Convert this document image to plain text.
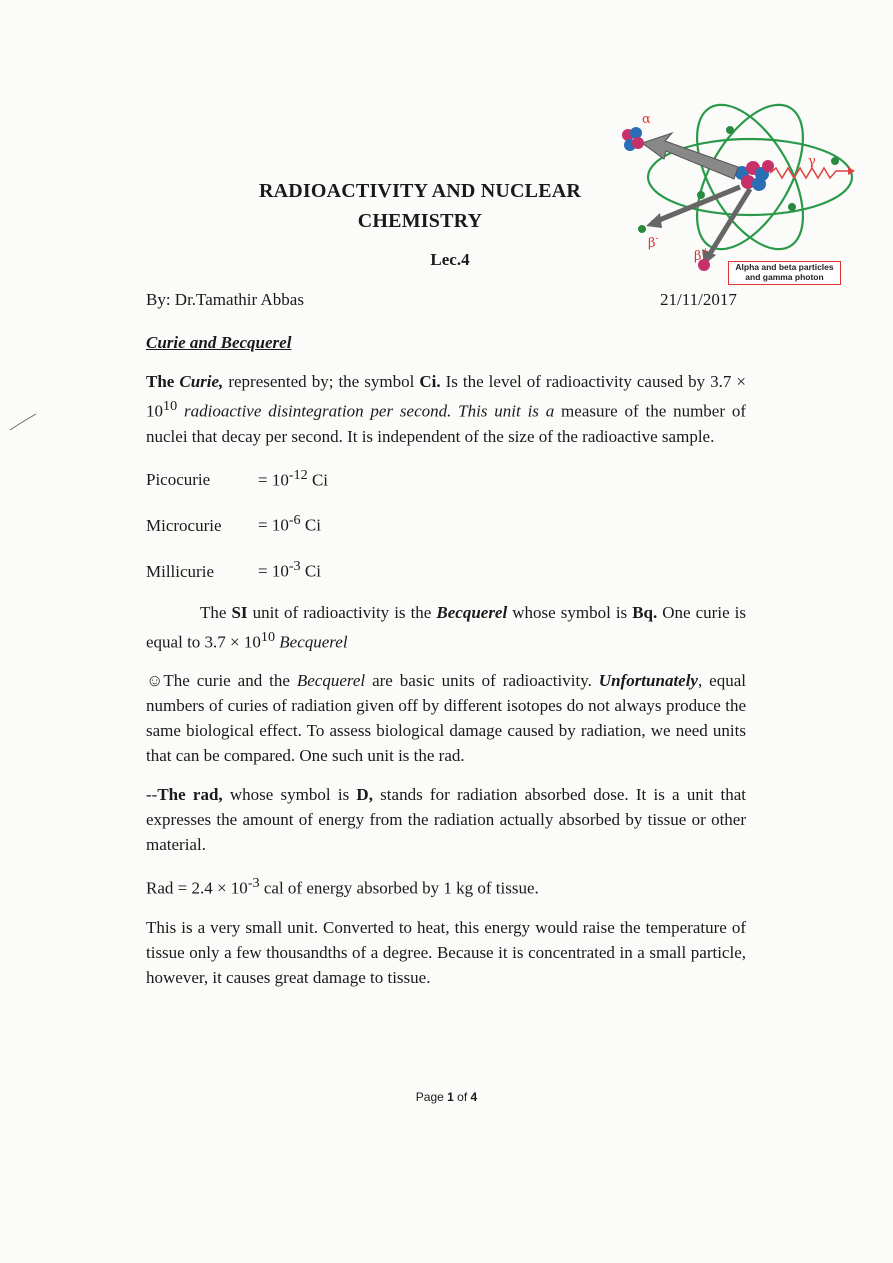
α
γ
β-
β+
Alpha and beta particles
and gamma photon
RADIOACTIVITY AND NUCLEAR
CHEMISTRY
Lec.4
By: Dr.Tamathir Abbas	21/11/2017
Curie and Becquerel

The Curie, represented by; the symbol Ci. Is the level of radioactivity caused by $3.7 \times 10^{10}$ radioactive disintegration per second. This unit is a measure of the number of nuclei that decay per second. It is independent of the size of the radioactive sample.

Picocurie	= $10^{-12}$ Ci
Microcurie = $10^{-6}$ Ci
Millicurie	= $10^{-3}$ Ci

The SI unit of radioactivity is the Becquerel whose symbol is Bq. One curie is equal to $3.7 \times 10^{10}$ Becquerel

☺The curie and the Becquerel are basic units of radioactivity. Unfortunately, equal numbers of curies of radiation given off by different isotopes do not always produce the same biological effect. To assess biological damage caused by radiation, we need units that can be compared. One such unit is the rad.

--The rad, whose symbol is D, stands for radiation absorbed dose. It is a unit that expresses the amount of energy from the radiation actually absorbed by tissue or other material.

Rad = $2.4 \times 10^{-3}$ cal of energy absorbed by 1 kg of tissue.

This is a very small unit. Converted to heat, this energy would raise the temperature of tissue only a few thousandths of a degree. Because it is concentrated in a small particle, however, it causes great damage to tissue.

Page 1 of 4
